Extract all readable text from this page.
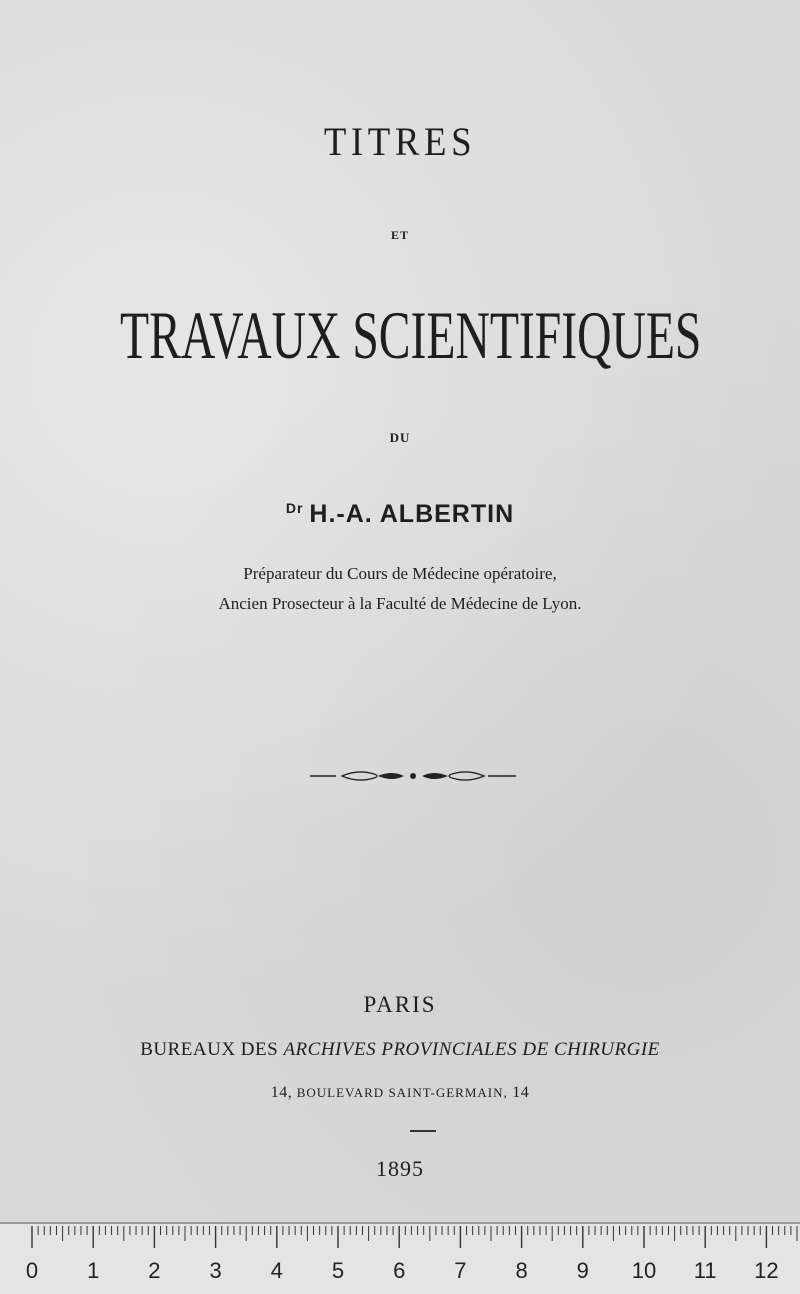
TITRES
ET
TRAVAUX SCIENTIFIQUES
DU
$^{Dr}$ H.-A. ALBERTIN
Préparateur du Cours de Médecine opératoire,
Ancien Prosecteur à la Faculté de Médecine de Lyon.
PARIS
BUREAUX DES ARCHIVES PROVINCIALES DE CHIRURGIE
14, BOULEVARD SAINT-GERMAIN, 14
1895
0 1 2 3 4 5 6 7 8 9 10 11 12
